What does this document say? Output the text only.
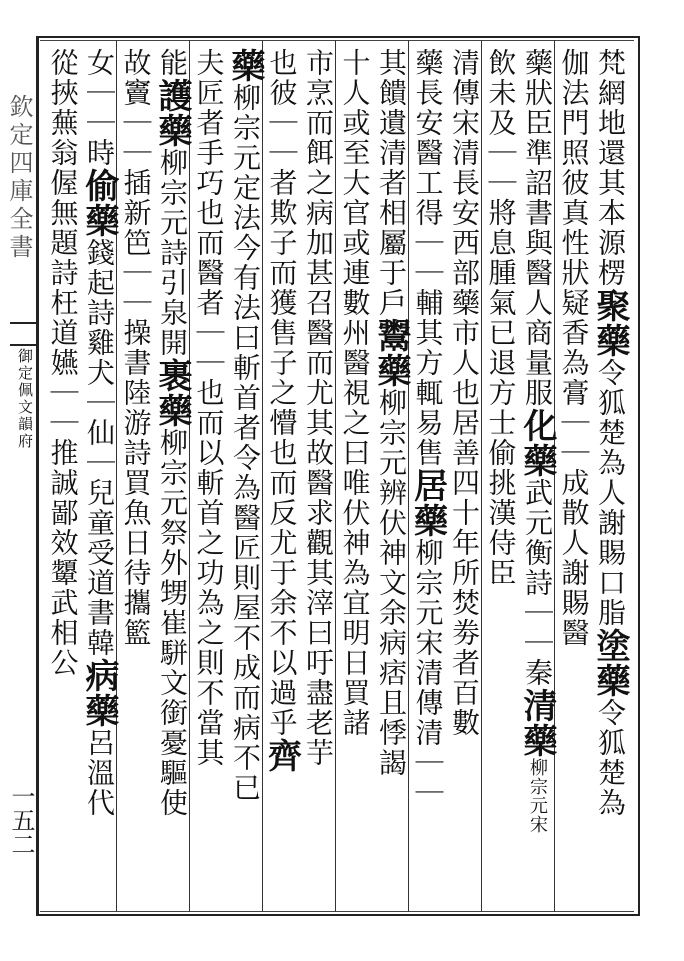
欽定四庫全書
御定佩文韻府
一五二
梵網地還其本源楞聚藥令狐楚為人謝賜口脂塗藥令狐楚為
伽法門照彼真性狀疑香為膏｜｜成散人謝賜醫
藥狀臣準詔書與醫人商量服化藥武元衡詩｜｜秦清藥柳宗元宋
飲未及｜｜將息腫氣已退方士偷挑漢侍臣
清傳宋清長安西部藥市人也居善四十年所焚劵者百數
藥長安醫工得｜｜輔其方輒易售居藥柳宗元宋清傳清｜｜
其饋遺清者相屬于戶鬻藥柳宗元辨伏神文余病痞且悸謁
十人或至大官或連數州醫視之曰唯伏神為宜明日買諸
市烹而餌之病加甚召醫而尤其故醫求觀其滓曰吁盡老芋
也彼｜｜者欺子而獲售子之懵也而反尤于余不以過乎齊
藥柳宗元定法今有法曰斬首者令為醫匠則屋不成而病不已
夫匠者手巧也而醫者｜｜也而以斬首之功為之則不當其
能護藥柳宗元詩引泉開裹藥柳宗元祭外甥崔駢文銜憂驅使
故竇｜｜插新笆｜｜操書陸游詩買魚日待攜籃
女｜｜時偷藥錢起詩雞犬｜仙｜兒童受道書韓病藥呂溫代
從挾蕪翁偓無題詩枉道嬿｜｜推誠鄙效顰武相公
